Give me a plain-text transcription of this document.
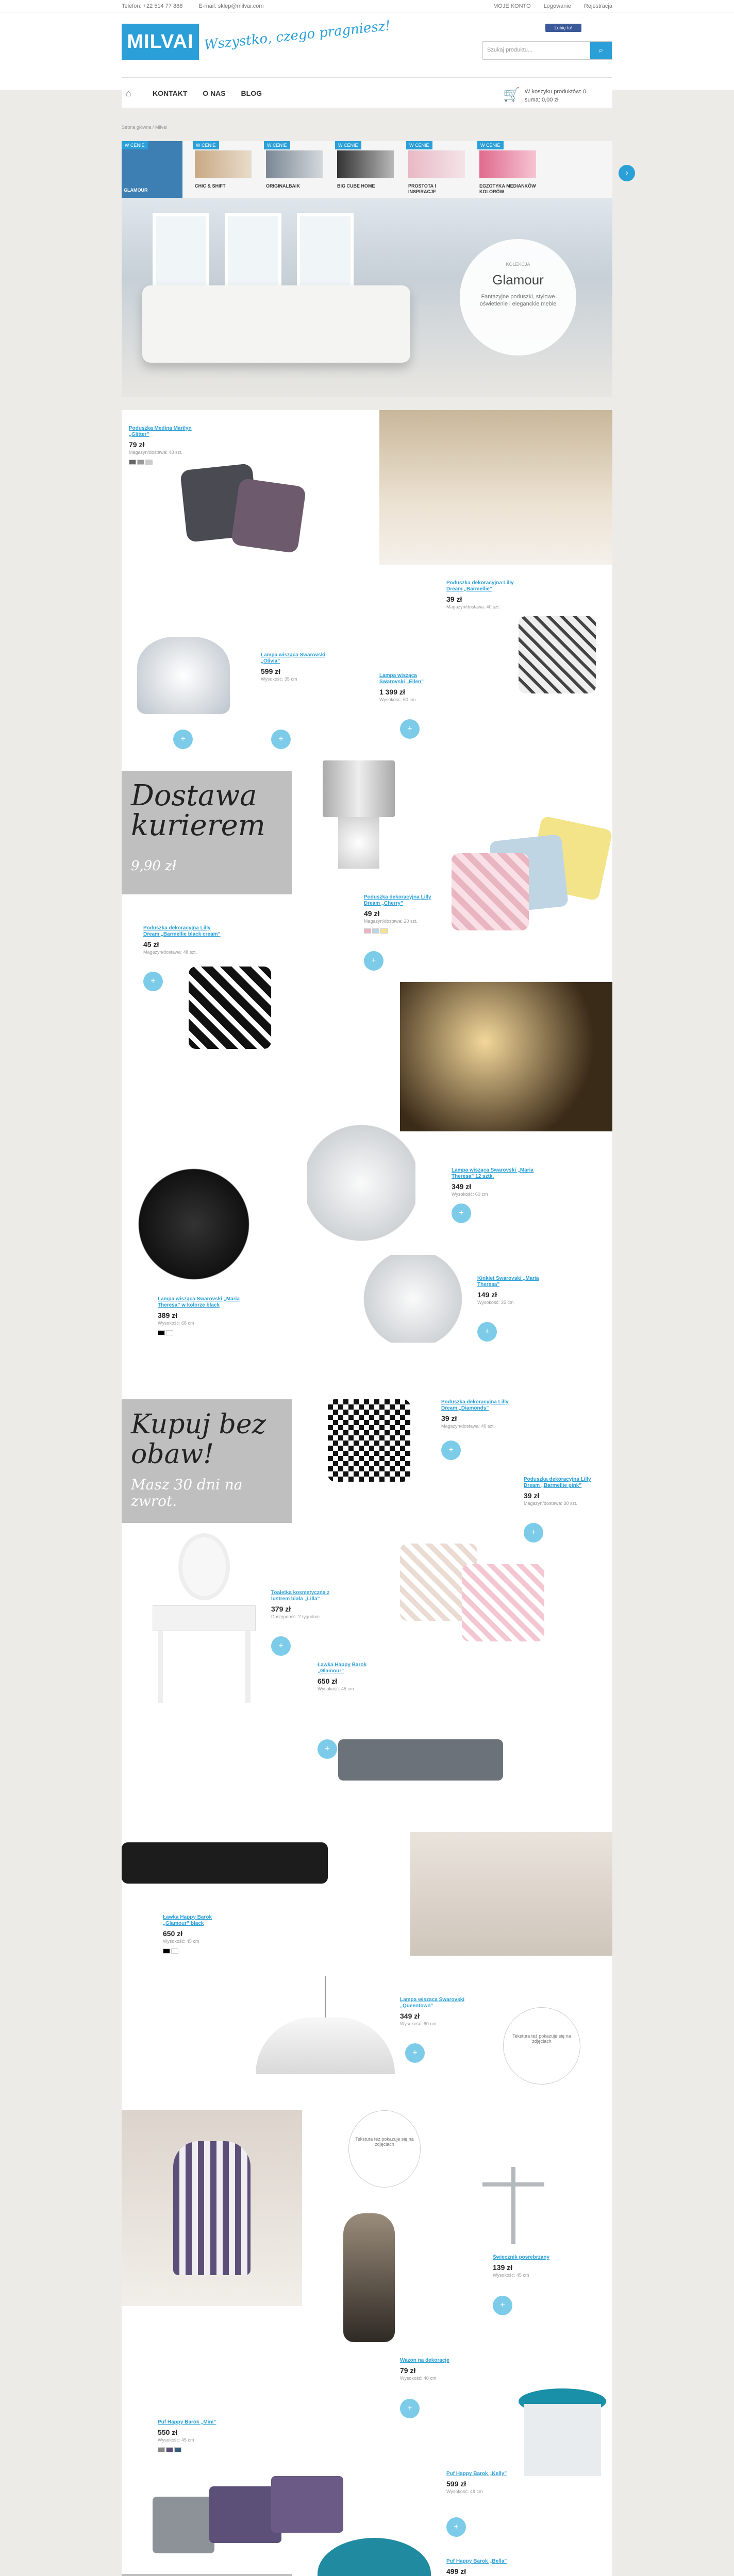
Telefon: +22 514 77 888	E-mail: sklep@milvai.com	MOJE KONTO Logowanie Rejestracja
MILVAI Wszystko, czego pragniesz!	Lubię to!
Szukaj produktu...	⌕
⌂	KONTAKT O NAS BLOG	🛒 W koszyku produktów: 0
suma: 0,00 zł
Strona główna / Milvai
W CENIE
GLAMOUR
W CENIE
CHIC & SHIFT
W CENIE
ORIGINALBAIK
W CENIE
BIG CUBE HOME
W CENIE
PROSTOTA I INSPIRACJE
W CENIE
EGZOTYKA MEDIANKÓW KOLORÓW
KOLEKCJA
Glamour

Fantazyjne poduszki, stylowe oświetlenie i eleganckie meble

›
Poduszka Medina Marilyn „Glitter”
79 zł
Magazyn/dostawa: 48 szt.
Poduszka dekoracyjna Lilly Dream „Barmellie”
39 zł
Magazyn/dostawa: 40 szt.
Lampa wisząca Swarovski „Olivia”
599 zł
Wysokość: 35 cm
Lampa wisząca Swarovski „Ellen”
1 399 zł
Wysokość: 50 cm
+	+
+
Dostawa kurierem
9,90 zł
Poduszka dekoracyjna Lilly Dream „Cherry”
49 zł
Magazyn/dostawa: 20 szt.
+
Poduszka dekoracyjna Lilly Dream „Barmellie black cream”
45 zł
Magazyn/dostawa: 48 szt.
+
Lampa wisząca Swarovski „Maria Theresa” 12 sztk.
349 zł
Wysokość: 60 cm
+
Lampa wisząca Swarovski „Maria Theresa” w kolorze black
389 zł
Wysokość: 68 cm
Kinkiet Swarovski „Maria Theresa”
149 zł
Wysokość: 35 cm
+
Kupuj bez obaw!
Masz 30 dni na zwrot.
Poduszka dekoracyjna Lilly Dream „Diamonds”
39 zł
Magazyn/dostawa: 40 szt.
+
Poduszka dekoracyjna Lilly Dream „Barmellie pink”
39 zł
Magazyn/dostawa: 30 szt.
+
Toaletka kosmetyczna z lustrem biała „Lilla”
379 zł
Dostępność: 2 tygodnie
+
Ławka Happy Barok „Glamour”
650 zł
Wysokość: 45 cm
+
Ławka Happy Barok „Glamour” black
650 zł
Wysokość: 45 cm
Lampa wisząca Swarovski „Queentown”
349 zł
Wysokość: 60 cm
+
Tekstura też pokazuje się na zdjęciach
Tekstura też pokazuje się na zdjęciach
Świecznik posrebrzany
139 zł
Wysokość: 45 cm
+
Wazon na dekoracje
79 zł
Wysokość: 40 cm
+
Puf Happy Barok „Mini”
550 zł
Wysokość: 45 cm
Puf Happy Barok „Kelly”
599 zł
Wysokość: 48 cm
+
Puf Happy Barok „Bella”
499 zł
